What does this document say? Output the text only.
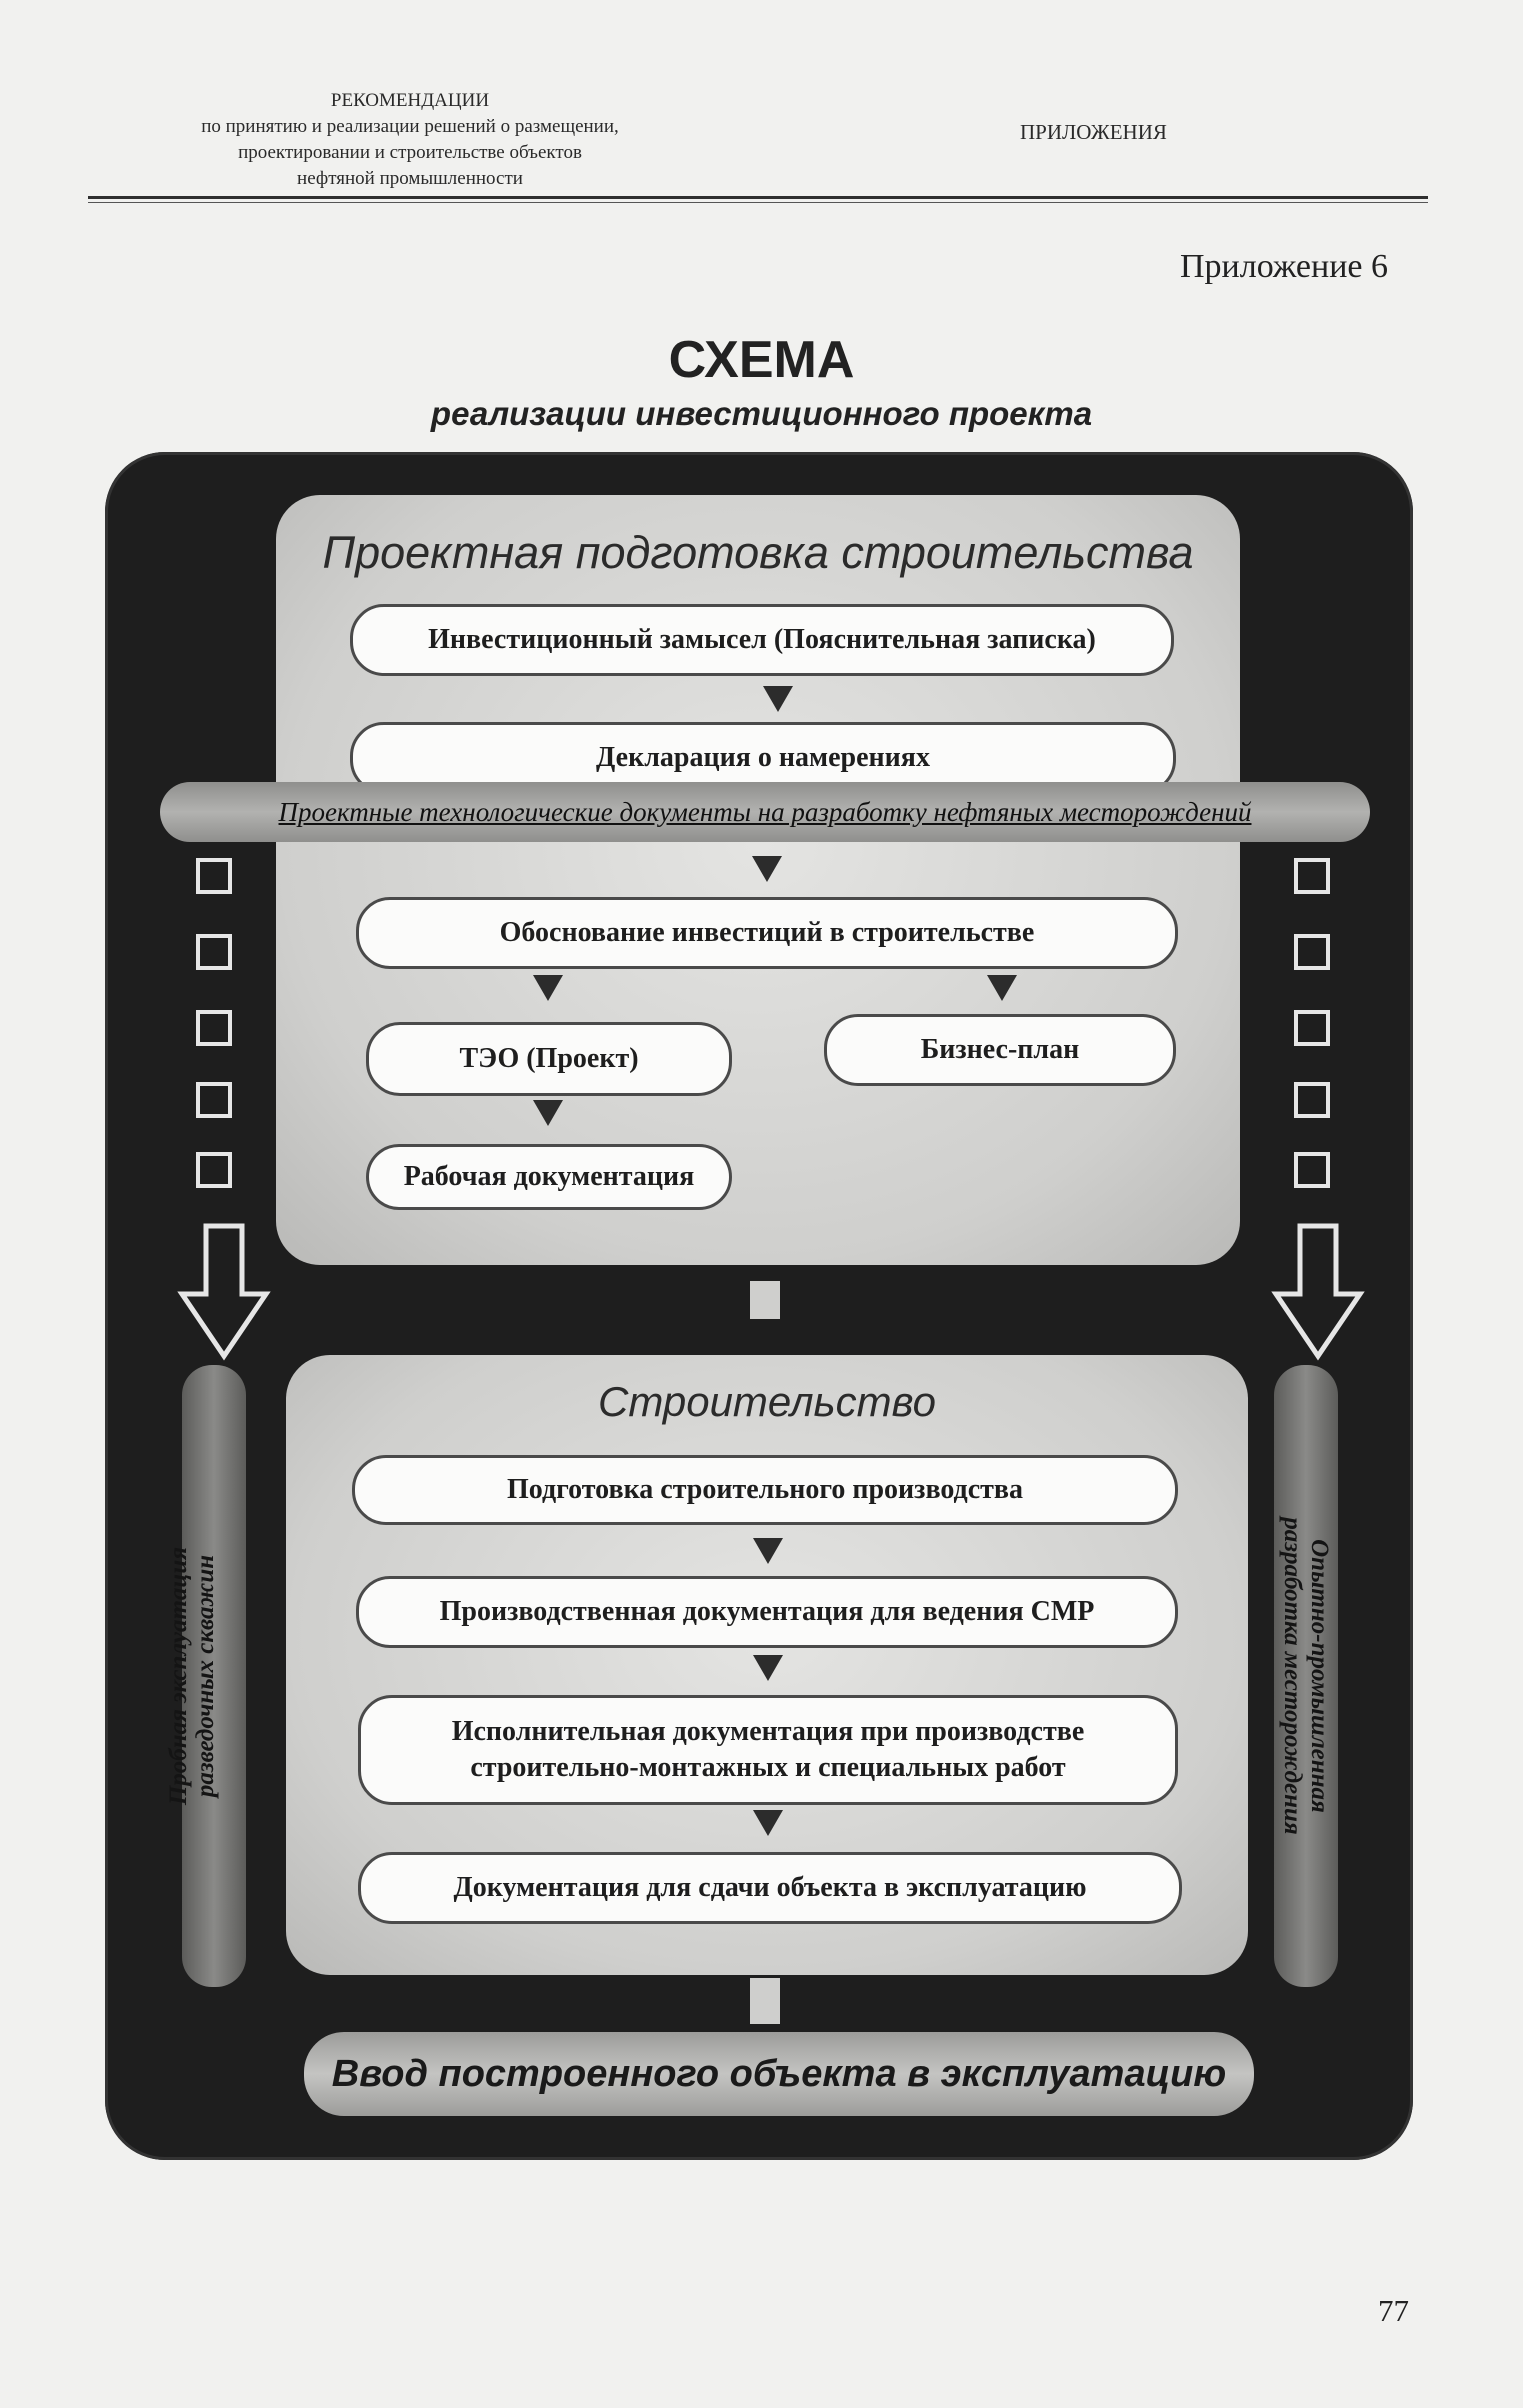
РЕКОМЕНДАЦИИ
по принятию и реализации решений о размещении,
проектировании и строительстве объектов
нефтяной промышленности
ПРИЛОЖЕНИЯ
Приложение 6
СХЕМА
реализации инвестиционного проекта
Проектная подготовка строительства
Инвестиционный замысел (Пояснительная записка)
Декларация о намерениях
Проектные технологические документы на разработку нефтяных месторождений
Обоснование инвестиций в строительстве
ТЭО (Проект)	Бизнес-план
Рабочая документация
Пробная эксплуатация разведочных скважин	Опытно-промышленная
разработка месторождения
Строительство
Подготовка строительного производства
Производственная документация для ведения СМР
Исполнительная документация при производстве строительно-монтажных и специальных работ
Документация для сдачи объекта в эксплуатацию
Ввод построенного объекта в эксплуатацию
77
